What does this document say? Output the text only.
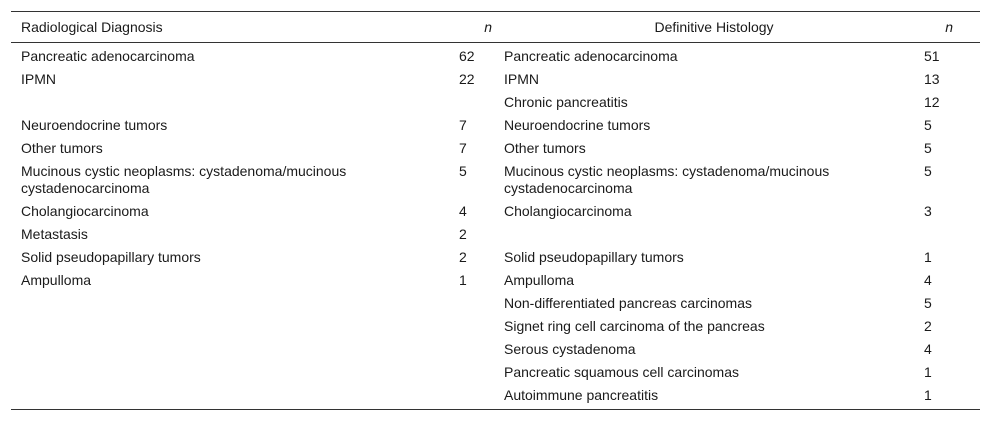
Radiological Diagnosis	n	Definitive Histology	n
Pancreatic adenocarcinoma	62	Pancreatic adenocarcinoma	51
IPMN	22	IPMN	13
		Chronic pancreatitis	12
Neuroendocrine tumors	7	Neuroendocrine tumors	5
Other tumors	7	Other tumors	5
Mucinous cystic neoplasms: cystadenoma/mucinous cystadenocarcinoma	5	Mucinous cystic neoplasms: cystadenoma/mucinous cystadenocarcinoma	5
Cholangiocarcinoma	4	Cholangiocarcinoma	3
Metastasis	2		
Solid pseudopapillary tumors	2	Solid pseudopapillary tumors	1
Ampulloma	1	Ampulloma	4
		Non-differentiated pancreas carcinomas	5
		Signet ring cell carcinoma of the pancreas	2
		Serous cystadenoma	4
		Pancreatic squamous cell carcinomas	1
		Autoimmune pancreatitis	1
